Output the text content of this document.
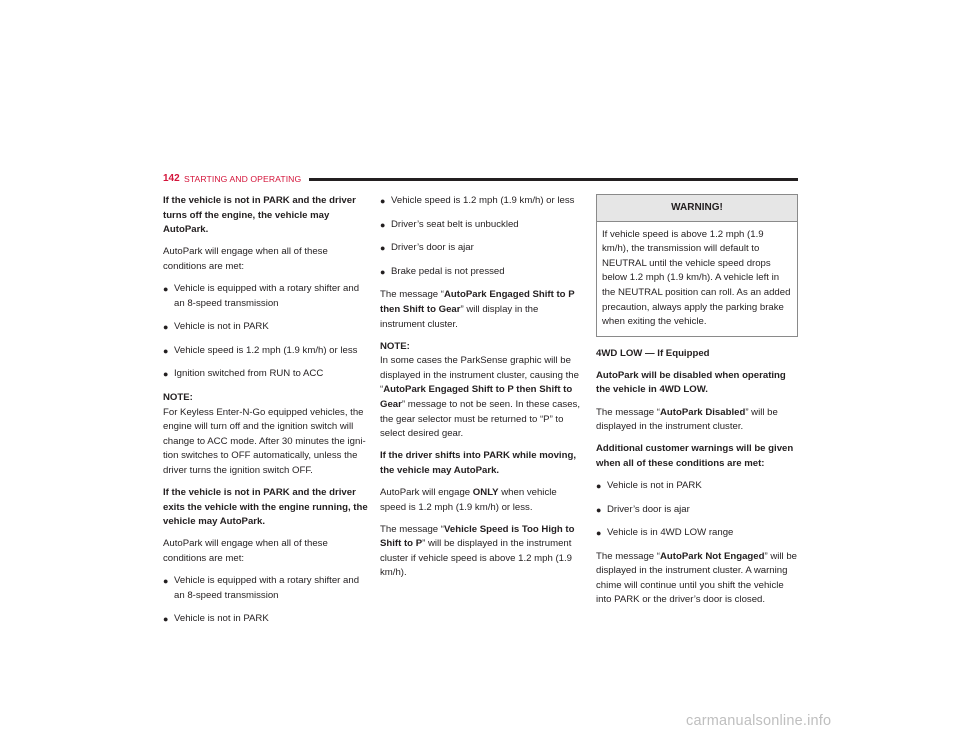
142 STARTING AND OPERATING

If the vehicle is not in PARK and the driver turns off the engine, the vehicle may AutoPark.

AutoPark will engage when all of these conditions are met:

● Vehicle is equipped with a rotary shifter and an 8-speed transmission
● Vehicle is not in PARK
● Vehicle speed is 1.2 mph (1.9 km/h) or less
● Ignition switched from RUN to ACC

NOTE:
For Keyless Enter-N-Go equipped vehicles, the engine will turn off and the ignition switch will change to ACC mode. After 30 minutes the igni-tion switches to OFF automatically, unless the driver turns the ignition switch OFF.

If the vehicle is not in PARK and the driver exits the vehicle with the engine running, the vehicle may AutoPark.

AutoPark will engage when all of these conditions are met:

● Vehicle is equipped with a rotary shifter and an 8-speed transmission
● Vehicle is not in PARK
● Vehicle speed is 1.2 mph (1.9 km/h) or less
● Driver’s seat belt is unbuckled
● Driver’s door is ajar
● Brake pedal is not pressed

The message “AutoPark Engaged Shift to P then Shift to Gear” will display in the instrument cluster.

NOTE:
In some cases the ParkSense graphic will be displayed in the instrument cluster, causing the “AutoPark Engaged Shift to P then Shift to Gear” message to not be seen. In these cases, the gear selector must be returned to “P” to select desired gear.

If the driver shifts into PARK while moving, the vehicle may AutoPark.

AutoPark will engage ONLY when vehicle speed is 1.2 mph (1.9 km/h) or less.

The message “Vehicle Speed is Too High to Shift to P” will be displayed in the instrument cluster if vehicle speed is above 1.2 mph (1.9 km/h).

WARNING!
If vehicle speed is above 1.2 mph (1.9 km/h), the transmission will default to NEUTRAL until the vehicle speed drops below 1.2 mph (1.9 km/h). A vehicle left in the NEUTRAL position can roll. As an added precaution, always apply the parking brake when exiting the vehicle.

4WD LOW — If Equipped

AutoPark will be disabled when operating the vehicle in 4WD LOW.

The message “AutoPark Disabled” will be displayed in the instrument cluster.

Additional customer warnings will be given when all of these conditions are met:

● Vehicle is not in PARK
● Driver’s door is ajar
● Vehicle is in 4WD LOW range

The message “AutoPark Not Engaged” will be displayed in the instrument cluster. A warning chime will continue until you shift the vehicle into PARK or the driver’s door is closed.

carmanualsonline.info
